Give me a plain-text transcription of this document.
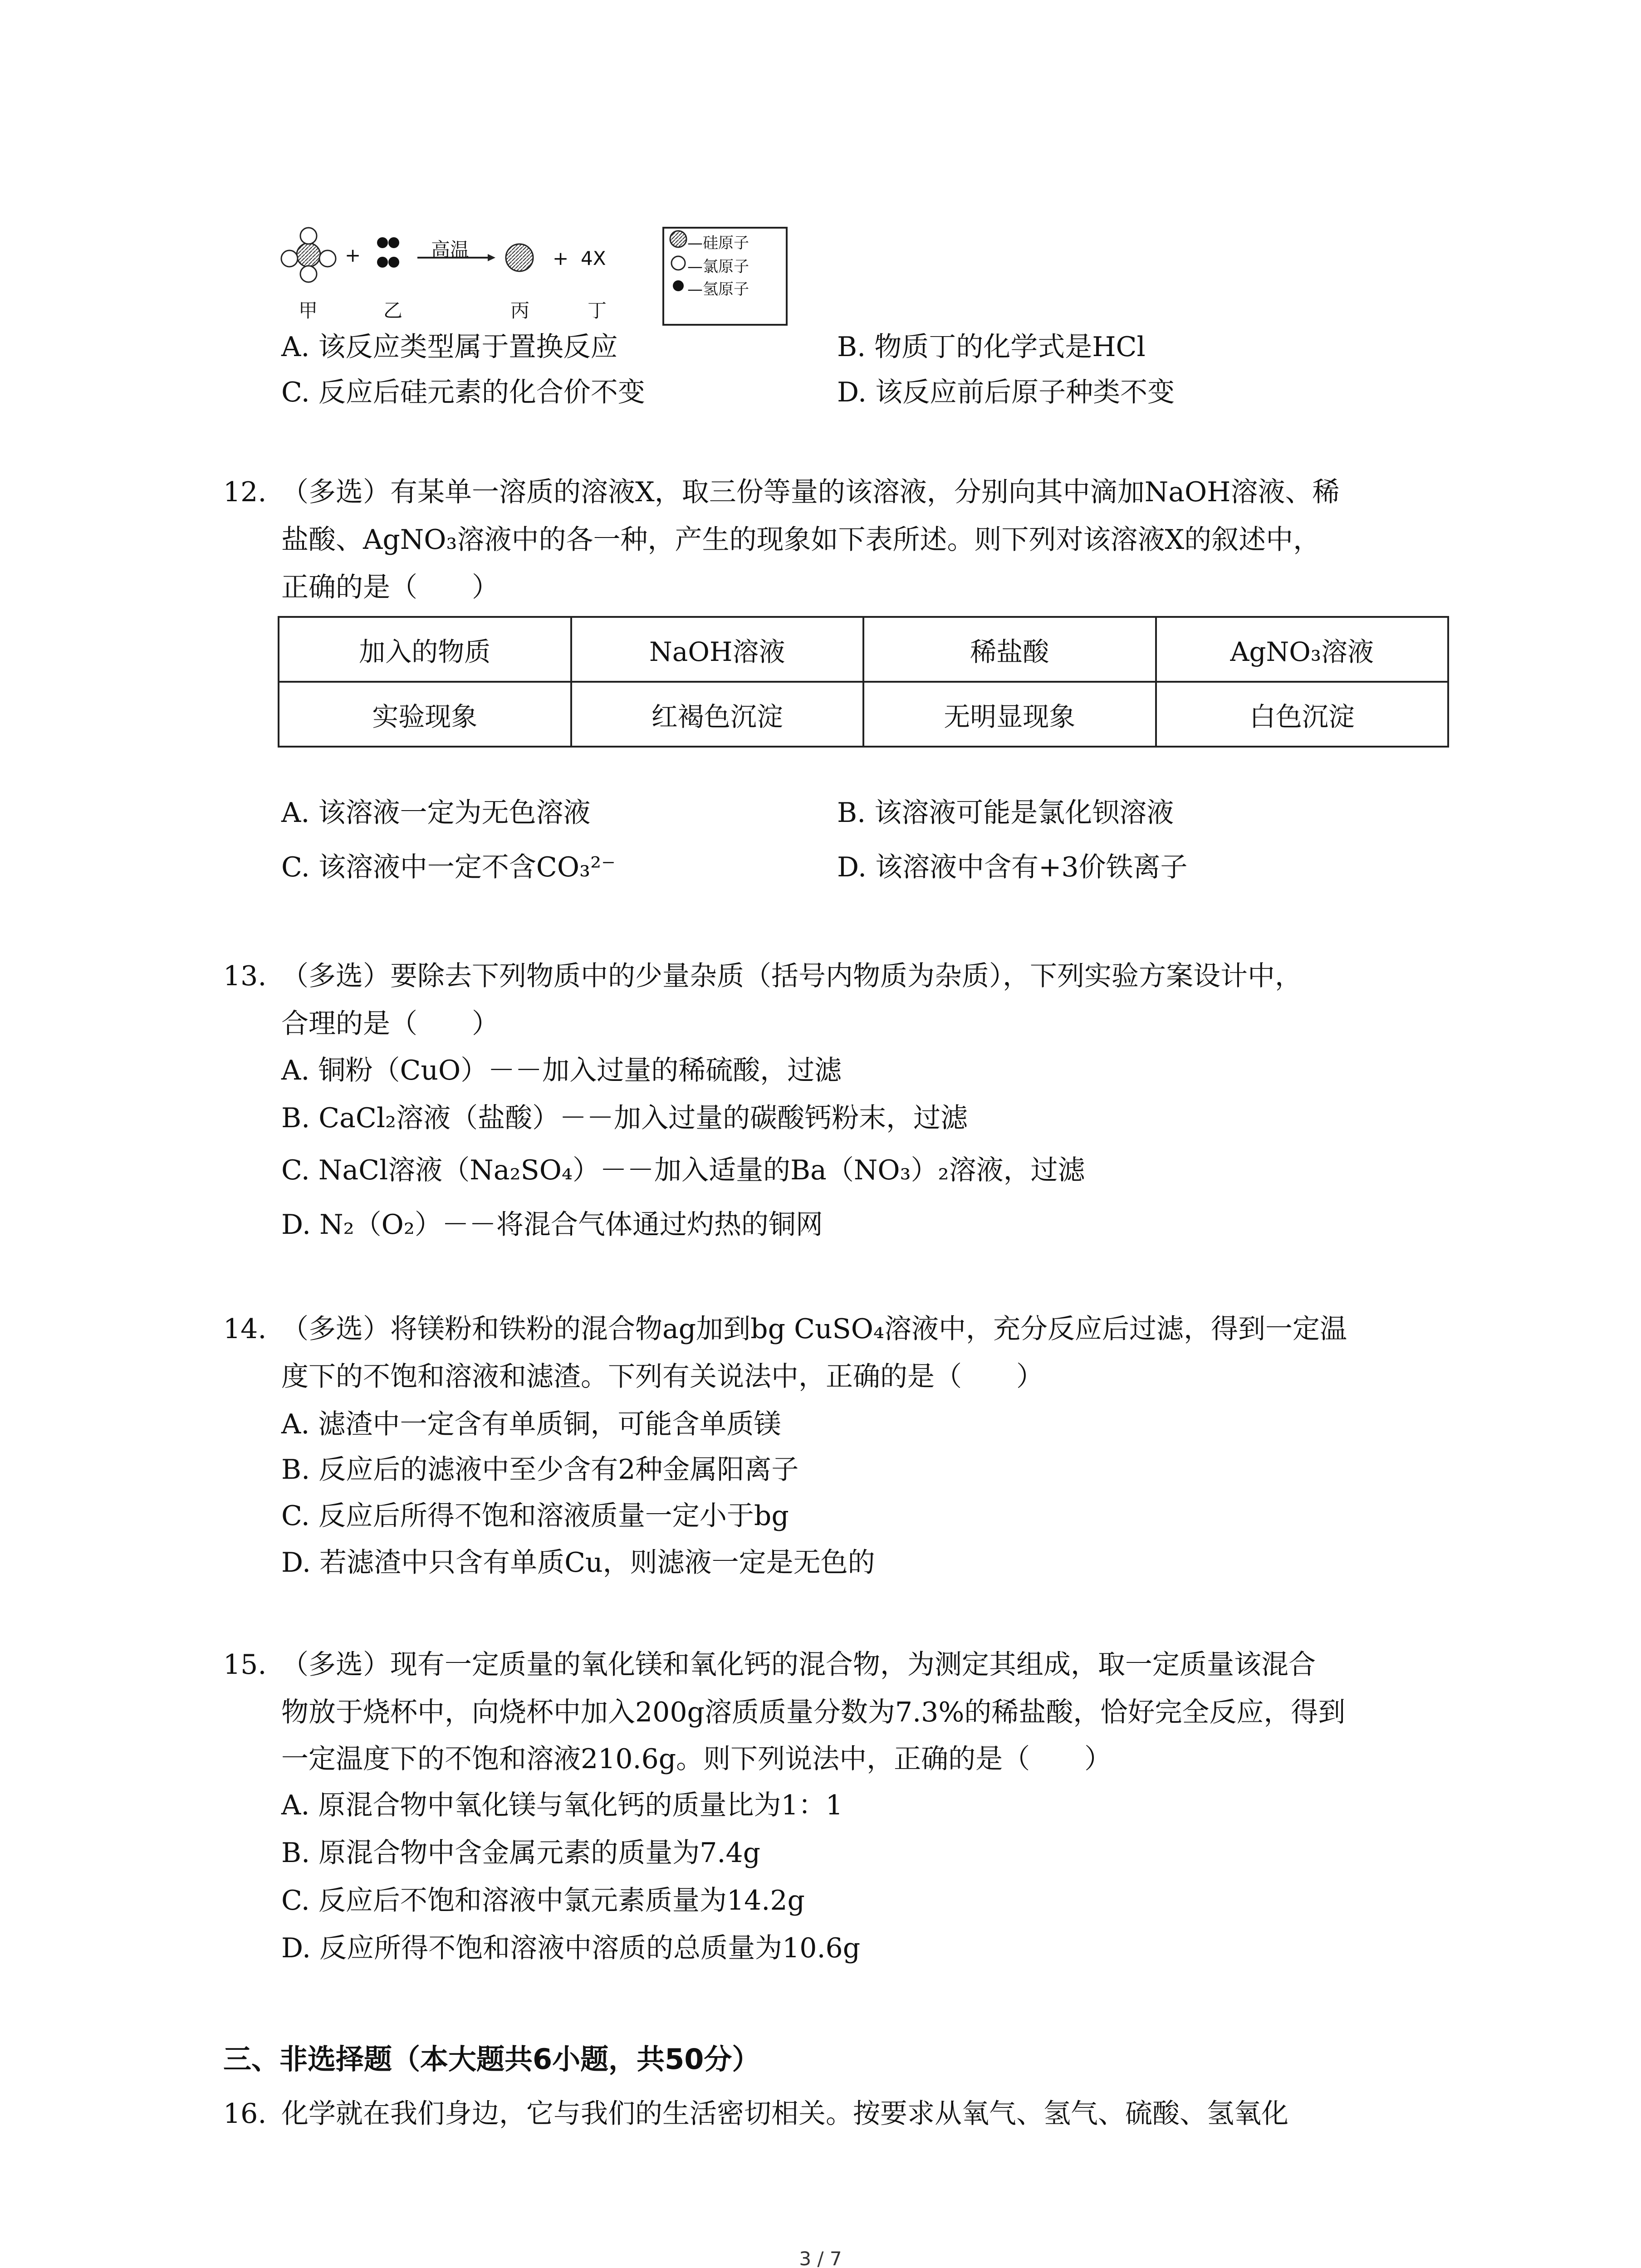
+	高温	+ 4X
甲	乙	丙	丁
—硅原子
—氯原子
—氢原子
A. 该反应类型属于置换反应	B. 物质丁的化学式是HCl
C. 反应后硅元素的化合价不变	D. 该反应前后原子种类不变
12. （多选）有某单一溶质的溶液X，取三份等量的该溶液，分别向其中滴加NaOH溶液、稀
盐酸、AgNO₃溶液中的各一种，产生的现象如下表所述。则下列对该溶液X的叙述中，
正确的是（　　）
加入的物质	NaOH溶液	稀盐酸	AgNO₃溶液
实验现象	红褐色沉淀	无明显现象	白色沉淀
A. 该溶液一定为无色溶液	B. 该溶液可能是氯化钡溶液
C. 该溶液中一定不含CO₃²⁻	D. 该溶液中含有+3价铁离子
13. （多选）要除去下列物质中的少量杂质（括号内物质为杂质），下列实验方案设计中，
合理的是（　　）
A. 铜粉（CuO）－－加入过量的稀硫酸，过滤
B. CaCl₂溶液（盐酸）－－加入过量的碳酸钙粉末，过滤
C. NaCl溶液（Na₂SO₄）－－加入适量的Ba（NO₃）₂溶液，过滤
D. N₂（O₂）－－将混合气体通过灼热的铜网
14. （多选）将镁粉和铁粉的混合物ag加到bg CuSO₄溶液中，充分反应后过滤，得到一定温
度下的不饱和溶液和滤渣。下列有关说法中，正确的是（　　）
A. 滤渣中一定含有单质铜，可能含单质镁
B. 反应后的滤液中至少含有2种金属阳离子
C. 反应后所得不饱和溶液质量一定小于bg
D. 若滤渣中只含有单质Cu，则滤液一定是无色的
15. （多选）现有一定质量的氧化镁和氧化钙的混合物，为测定其组成，取一定质量该混合
物放于烧杯中，向烧杯中加入200g溶质质量分数为7.3%的稀盐酸，恰好完全反应，得到
一定温度下的不饱和溶液210.6g。则下列说法中，正确的是（　　）
A. 原混合物中氧化镁与氧化钙的质量比为1：1
B. 原混合物中含金属元素的质量为7.4g
C. 反应后不饱和溶液中氯元素质量为14.2g
D. 反应所得不饱和溶液中溶质的总质量为10.6g
三、非选择题（本大题共6小题，共50分）
16. 化学就在我们身边，它与我们的生活密切相关。按要求从氧气、氢气、硫酸、氢氧化
3 / 7
